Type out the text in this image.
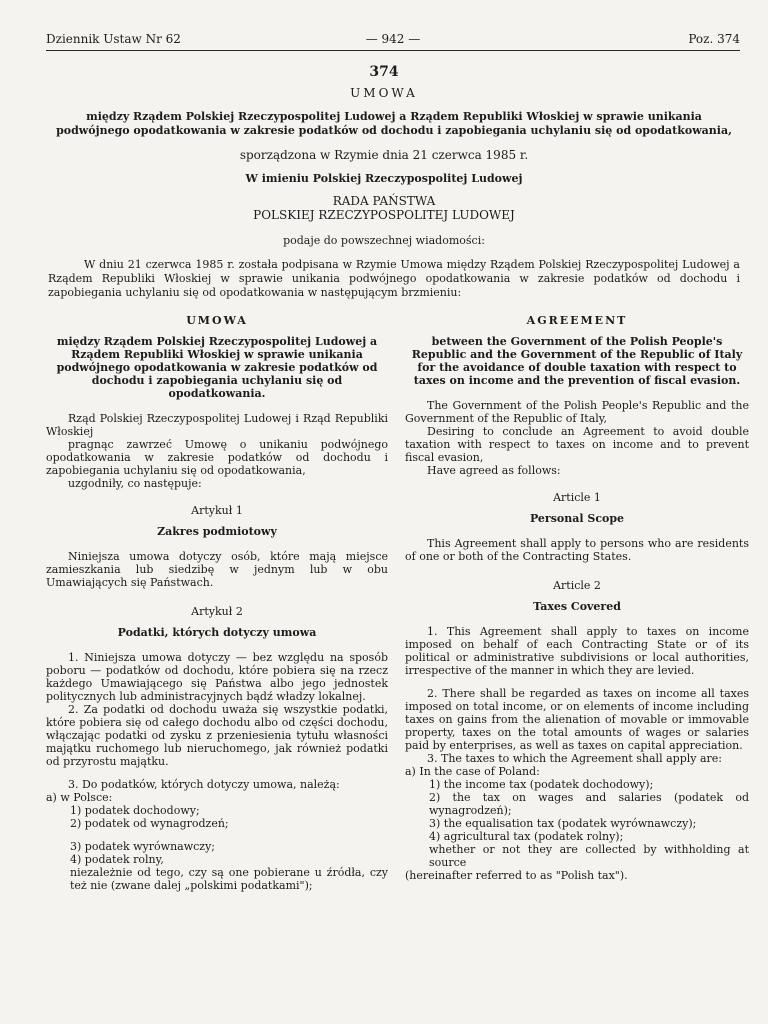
Dziennik Ustaw Nr 62	— 942 —	Poz. 374
374
UMOWA
między Rządem Polskiej Rzeczypospolitej Ludowej a Rządem Republiki Włoskiej w sprawie unikania podwójnego opodatkowania w zakresie podatków od dochodu i zapobiegania uchylaniu się od opodatkowania,
sporządzona w Rzymie dnia 21 czerwca 1985 r.
W imieniu Polskiej Rzeczypospolitej Ludowej
RADA PAŃSTWA
POLSKIEJ RZECZYPOSPOLITEJ LUDOWEJ
podaje do powszechnej wiadomości:

W dniu 21 czerwca 1985 r. została podpisana w Rzymie Umowa między Rządem Polskiej Rzeczypospolitej Ludowej a Rządem Republiki Włoskiej w sprawie unikania podwójnego opodatkowania w zakresie podatków od dochodu i zapobiegania uchylaniu się od opodatkowania w następującym brzmieniu:

UMOWA

między Rządem Polskiej Rzeczypospolitej Ludowej a Rządem Republiki Włoskiej w sprawie unikania podwójnego opodatkowania w zakresie podatków od dochodu i zapobiegania uchylaniu się od opodatkowania.

Rząd Polskiej Rzeczypospolitej Ludowej i Rząd Republiki Włoskiej

pragnąc zawrzeć Umowę o unikaniu podwójnego opodatkowania w zakresie podatków od dochodu i zapobiegania uchylaniu się od opodatkowania,

uzgodniły, co następuje:

Artykuł 1
Zakres podmiotowy

Niniejsza umowa dotyczy osób, które mają miejsce zamieszkania lub siedzibę w jednym lub w obu Umawiających się Państwach.

Artykuł 2
Podatki, których dotyczy umowa

1. Niniejsza umowa dotyczy — bez względu na sposób poboru — podatków od dochodu, które pobiera się na rzecz każdego Umawiającego się Państwa albo jego jednostek politycznych lub administracyjnych bądź władzy lokalnej.

2. Za podatki od dochodu uważa się wszystkie podatki, które pobiera się od całego dochodu albo od części dochodu, włączając podatki od zysku z przeniesienia tytułu własności majątku ruchomego lub nieruchomego, jak również podatki od przyrostu majątku.

3. Do podatków, których dotyczy umowa, należą:

a) w Polsce:

1) podatek dochodowy;

2) podatek od wynagrodzeń;

3) podatek wyrównawczy;

4) podatek rolny,

niezależnie od tego, czy są one pobierane u źródła, czy też nie (zwane dalej „polskimi podatkami");

AGREEMENT

between the Government of the Polish People's Republic and the Government of the Republic of Italy for the avoidance of double taxation with respect to taxes on income and the prevention of fiscal evasion.

The Government of the Polish People's Republic and the Government of the Republic of Italy,

Desiring to conclude an Agreement to avoid double taxation with respect to taxes on income and to prevent fiscal evasion,

Have agreed as follows:

Article 1
Personal Scope

This Agreement shall apply to persons who are residents of one or both of the Contracting States.

Article 2
Taxes Covered

1. This Agreement shall apply to taxes on income imposed on behalf of each Contracting State or of its political or administrative subdivisions or local authorities, irrespective of the manner in which they are levied.

2. There shall be regarded as taxes on income all taxes imposed on total income, or on elements of income including taxes on gains from the alienation of movable or immovable property, taxes on the total amounts of wages or salaries paid by enterprises, as well as taxes on capital appreciation.

3. The taxes to which the Agreement shall apply are:

a) In the case of Poland:

1) the income tax (podatek dochodowy);

2) the tax on wages and salaries (podatek od wynagrodzeń);

3) the equalisation tax (podatek wyrównawczy);

4) agricultural tax (podatek rolny);

whether or not they are collected by withholding at source

(hereinafter referred to as "Polish tax").
